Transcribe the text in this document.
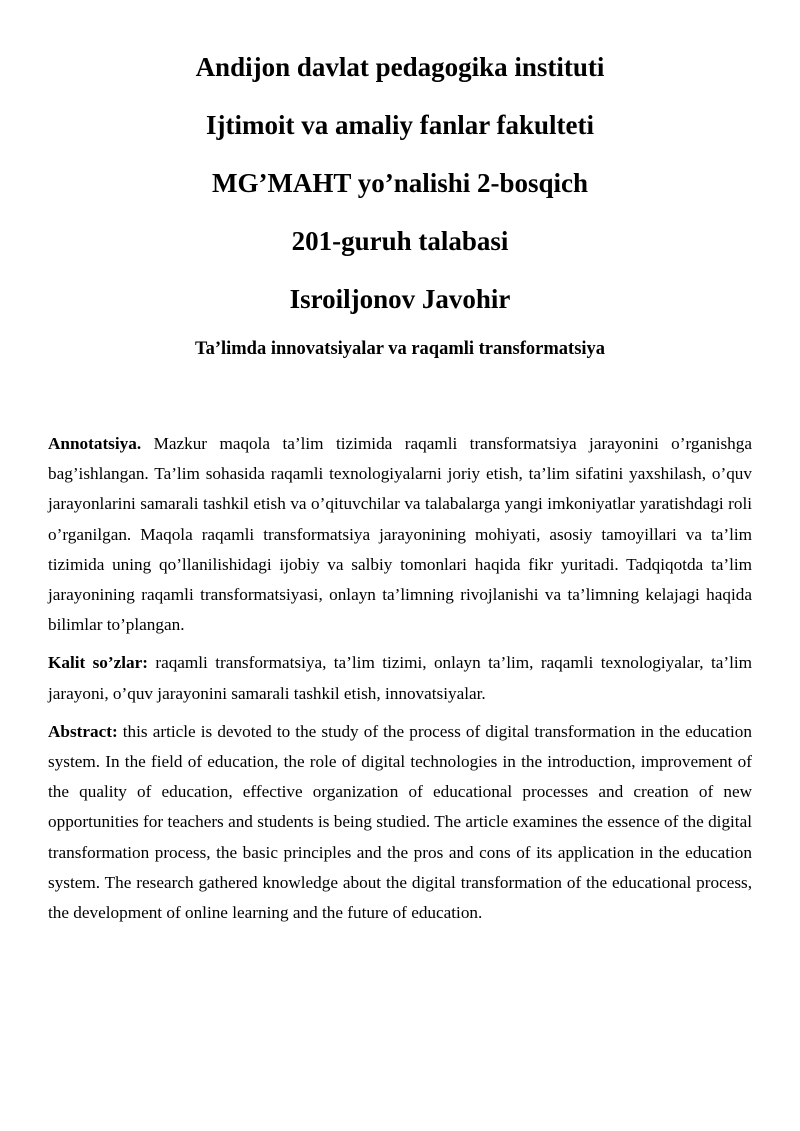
Andijon davlat pedagogika instituti

Ijtimoit va amaliy fanlar fakulteti

MG’MAHT yo’nalishi 2-bosqich

201-guruh talabasi

Isroiljonov Javohir

Ta’limda innovatsiyalar va raqamli transformatsiya

Annotatsiya. Mazkur maqola ta’lim tizimida raqamli transformatsiya jarayonini o’rganishga bag’ishlangan. Ta’lim sohasida raqamli texnologiyalarni joriy etish, ta’lim sifatini yaxshilash, o’quv jarayonlarini samarali tashkil etish va o’qituvchilar va talabalarga yangi imkoniyatlar yaratishdagi roli o’rganilgan. Maqola raqamli transformatsiya jarayonining mohiyati, asosiy tamoyillari va ta’lim tizimida uning qo’llanilishidagi ijobiy va salbiy tomonlari haqida fikr yuritadi. Tadqiqotda ta’lim jarayonining raqamli transformatsiyasi, onlayn ta’limning rivojlanishi va ta’limning kelajagi haqida bilimlar to’plangan.

Kalit so’zlar: raqamli transformatsiya, ta’lim tizimi, onlayn ta’lim, raqamli texnologiyalar, ta’lim jarayoni, o’quv jarayonini samarali tashkil etish, innovatsiyalar.

Abstract: this article is devoted to the study of the process of digital transformation in the education system. In the field of education, the role of digital technologies in the introduction, improvement of the quality of education, effective organization of educational processes and creation of new opportunities for teachers and students is being studied. The article examines the essence of the digital transformation process, the basic principles and the pros and cons of its application in the education system. The research gathered knowledge about the digital transformation of the educational process, the development of online learning and the future of education.
